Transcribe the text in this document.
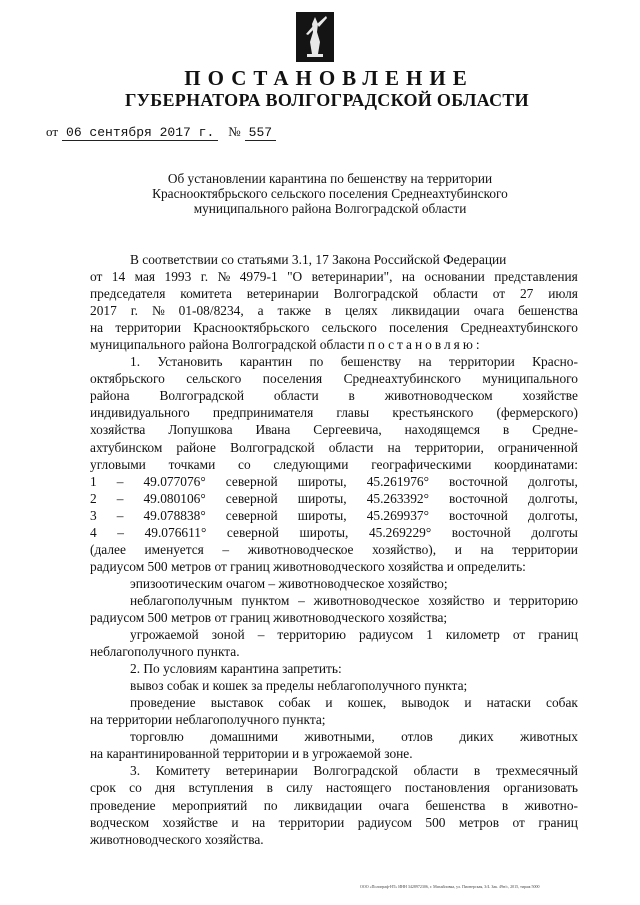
ПОСТАНОВЛЕНИЕ
ГУБЕРНАТОРА ВОЛГОГРАДСКОЙ ОБЛАСТИ
от 06 сентября 2017 г.	№ 557
Об установлении карантина по бешенству на территории
Краснооктябрьского сельского поселения Среднеахтубинского
муниципального района Волгоградской области
В соответствии со статьями 3.1, 17 Закона Российской Федерации
от 14 мая 1993 г. № 4979-1 "О ветеринарии", на основании представления
председателя комитета ветеринарии Волгоградской области от 27 июля
2017 г. № 01-08/8234, а также в целях ликвидации очага бешенства
на территории Краснооктябрьского сельского поселения Среднеахтубинского
муниципального района Волгоградской области постановляю:
1. Установить карантин по бешенству на территории Красно-
октябрьского сельского поселения Среднеахтубинского муниципального
района Волгоградской области в животноводческом хозяйстве
индивидуального предпринимателя главы крестьянского (фермерского)
хозяйства Лопушкова Ивана Сергеевича, находящемся в Средне-
ахтубинском районе Волгоградской области на территории, ограниченной
угловыми точками со следующими географическими координатами:
1 – 49.077076° северной широты, 45.261976° восточной долготы,
2 – 49.080106° северной широты, 45.263392° восточной долготы,
3 – 49.078838° северной широты, 45.269937° восточной долготы,
4 – 49.076611° северной широты, 45.269229° восточной долготы
(далее именуется – животноводческое хозяйство), и на территории
радиусом 500 метров от границ животноводческого хозяйства и определить:
эпизоотическим очагом – животноводческое хозяйство;
неблагополучным пунктом – животноводческое хозяйство и территорию
радиусом 500 метров от границ животноводческого хозяйства;
угрожаемой зоной – территорию радиусом 1 километр от границ
неблагополучного пункта.
2. По условиям карантина запретить:
вывоз собак и кошек за пределы неблагополучного пункта;
проведение выставок собак и кошек, выводок и натаски собак
на территории неблагополучного пункта;
торговлю домашними животными, отлов диких животных
на карантинированной территории и в угрожаемой зоне.
3. Комитету ветеринарии Волгоградской области в трехмесячный
срок со дня вступления в силу настоящего постановления организовать
проведение мероприятий по ликвидации очага бешенства в животно-
водческом хозяйстве и на территории радиусом 500 метров от границ
животноводческого хозяйства.
ООО «Полиграф-НТ» ИНН 3428972306, г. Михайловка, ул. Пионерская, 3/4. Зак. 49н/с, 2015, тираж 5000
